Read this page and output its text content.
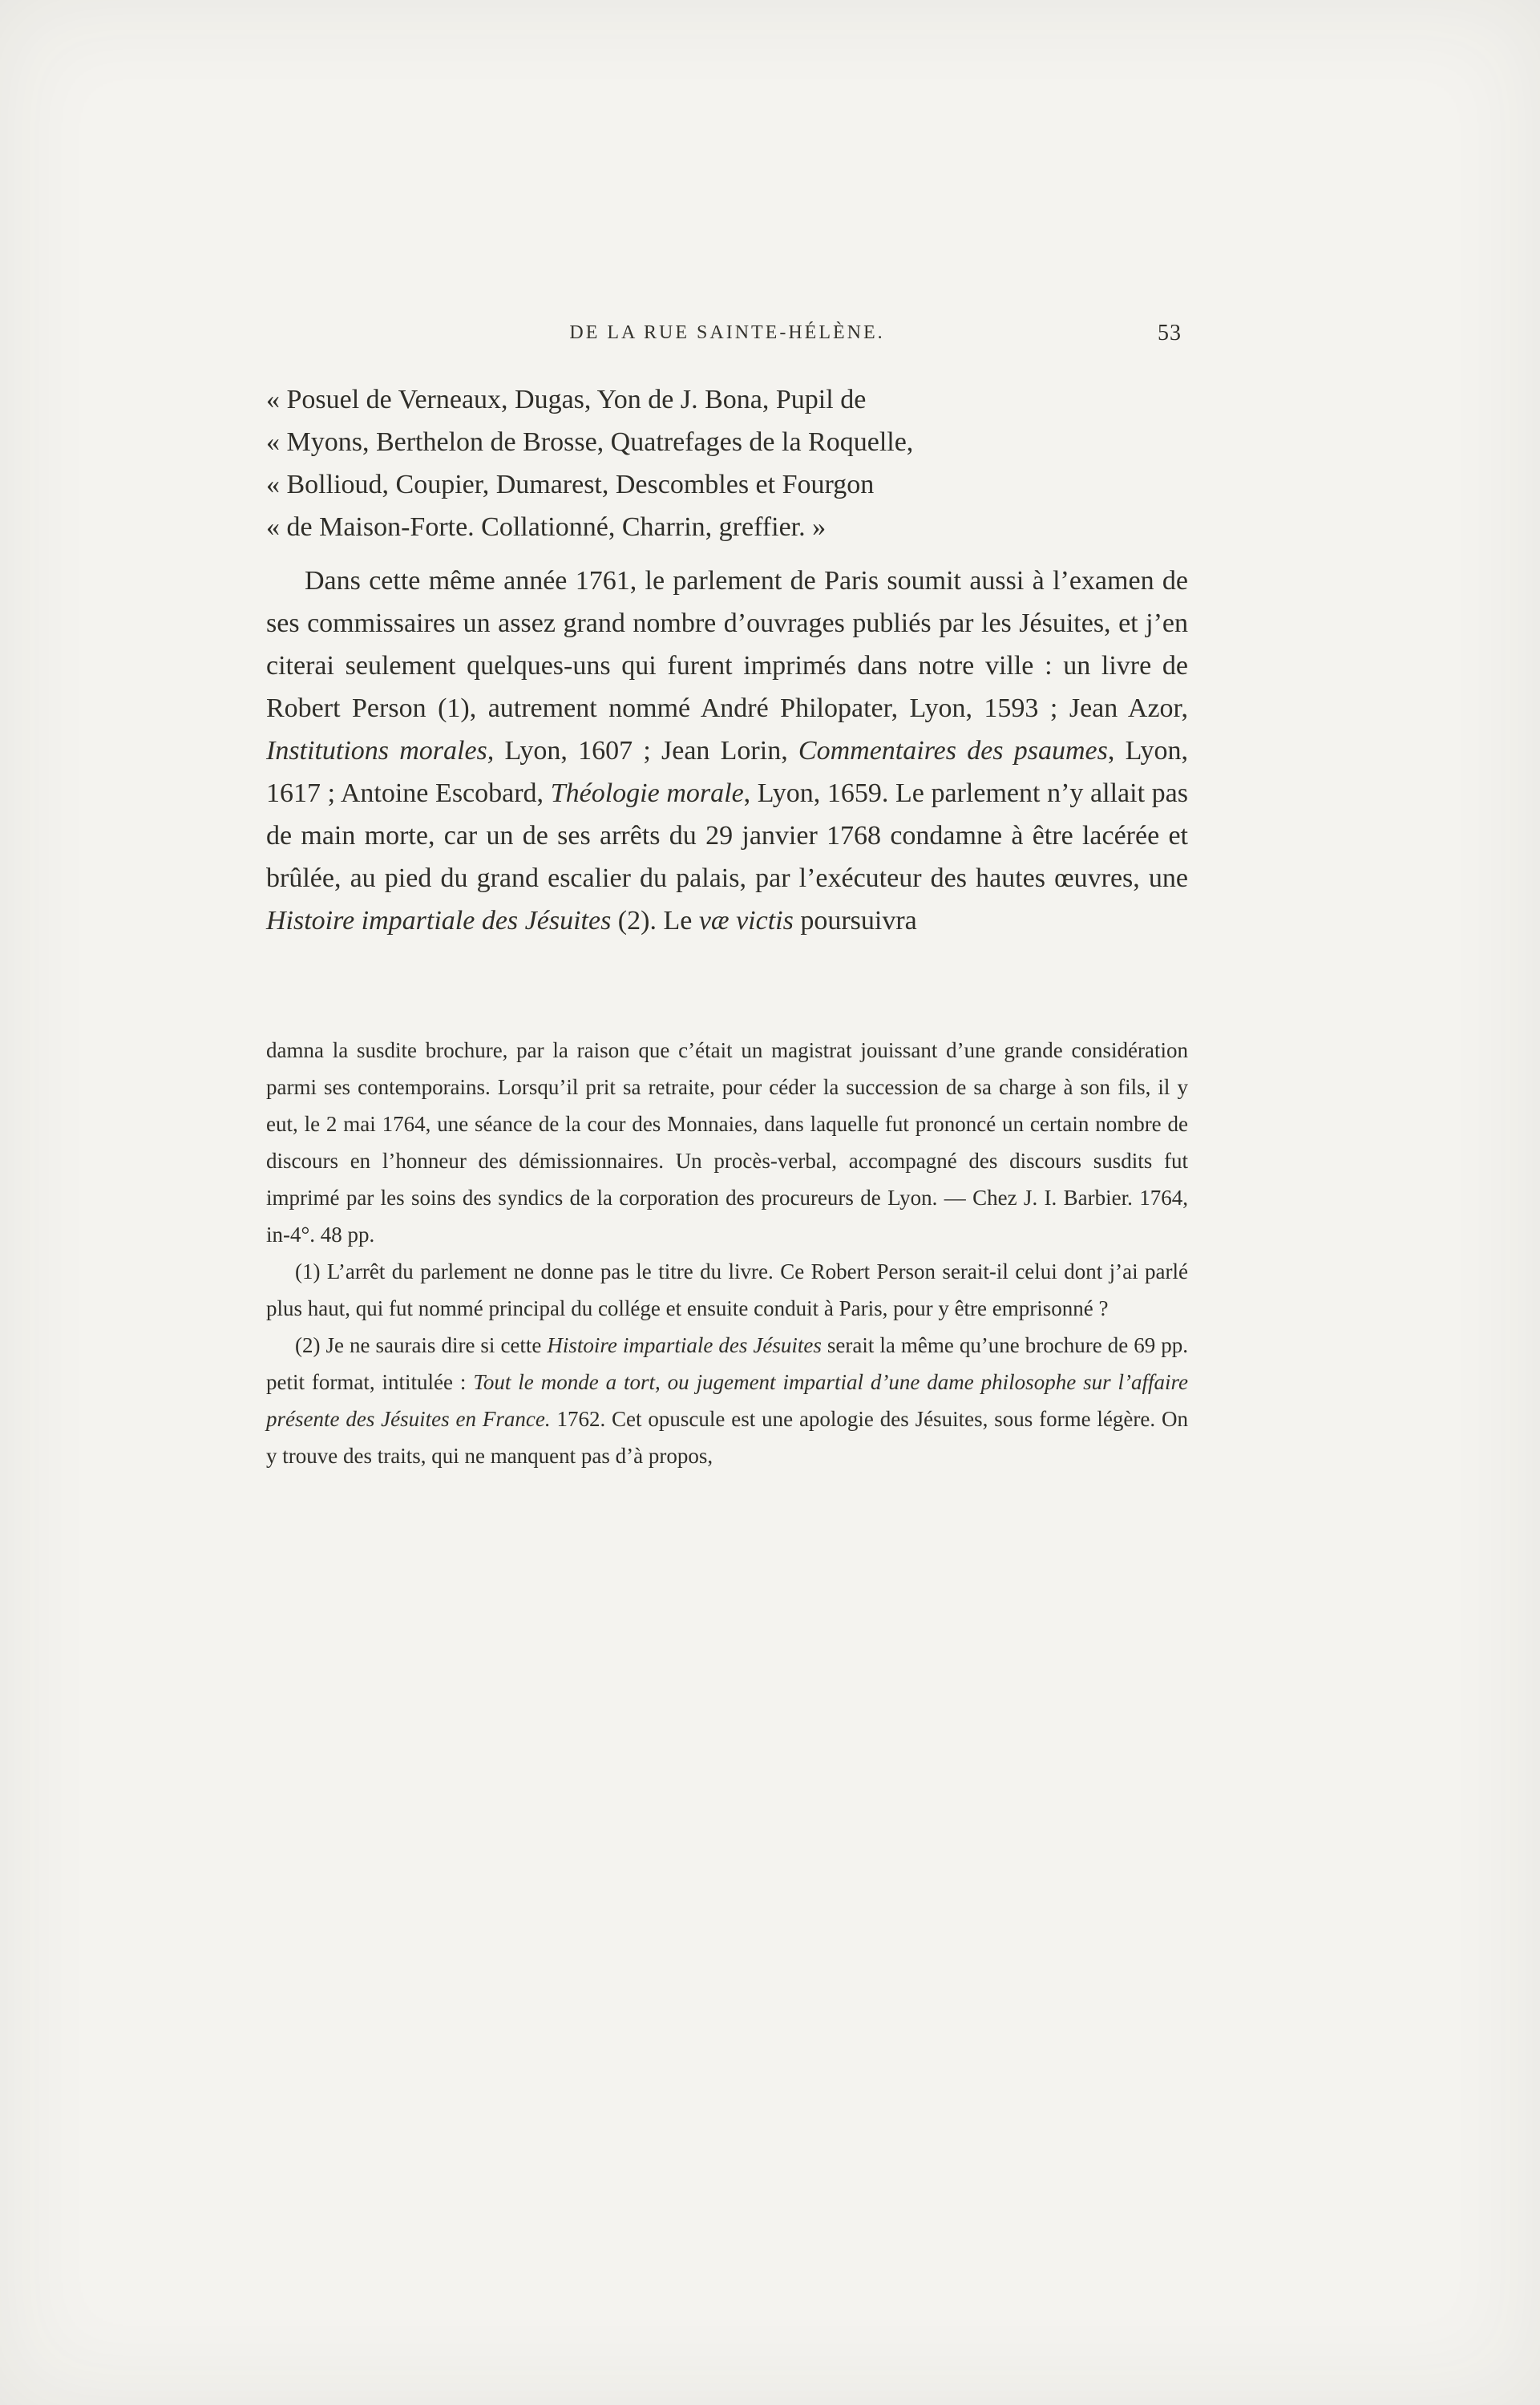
DE LA RUE SAINTE-HÉLÈNE.	53
« Posuel de Verneaux, Dugas, Yon de J. Bona, Pupil de
« Myons, Berthelon de Brosse, Quatrefages de la Roquelle,
« Bollioud, Coupier, Dumarest, Descombles et Fourgon
« de Maison-Forte. Collationné, Charrin, greffier. »

Dans cette même année 1761, le parlement de Paris soumit aussi à l’examen de ses commissaires un assez grand nombre d’ouvrages publiés par les Jésuites, et j’en citerai seulement quelques-uns qui furent imprimés dans notre ville : un livre de Robert Person (1), autrement nommé André Philopater, Lyon, 1593 ; Jean Azor, Institutions morales, Lyon, 1607 ; Jean Lorin, Commentaires des psaumes, Lyon, 1617 ; Antoine Escobard, Théologie morale, Lyon, 1659. Le parlement n’y allait pas de main morte, car un de ses arrêts du 29 janvier 1768 condamne à être lacérée et brûlée, au pied du grand escalier du palais, par l’exécuteur des hautes œuvres, une Histoire impartiale des Jésuites (2). Le væ victis poursuivra

damna la susdite brochure, par la raison que c’était un magistrat jouissant d’une grande considération parmi ses contemporains. Lorsqu’il prit sa retraite, pour céder la succession de sa charge à son fils, il y eut, le 2 mai 1764, une séance de la cour des Monnaies, dans laquelle fut prononcé un certain nombre de discours en l’honneur des démissionnaires. Un procès-verbal, accompagné des discours susdits fut imprimé par les soins des syndics de la corporation des procureurs de Lyon. — Chez J. I. Barbier. 1764, in-4°. 48 pp.

(1) L’arrêt du parlement ne donne pas le titre du livre. Ce Robert Person serait-il celui dont j’ai parlé plus haut, qui fut nommé principal du collége et ensuite conduit à Paris, pour y être emprisonné ?

(2) Je ne saurais dire si cette Histoire impartiale des Jésuites serait la même qu’une brochure de 69 pp. petit format, intitulée : Tout le monde a tort, ou jugement impartial d’une dame philosophe sur l’affaire présente des Jésuites en France. 1762. Cet opuscule est une apologie des Jésuites, sous forme légère. On y trouve des traits, qui ne manquent pas d’à propos,
